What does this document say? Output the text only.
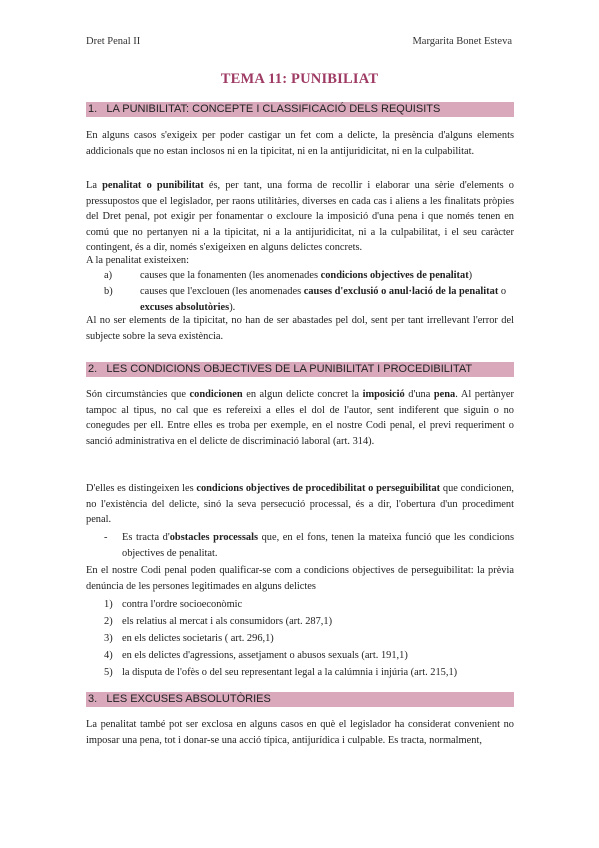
Dret Penal II	Margarita Bonet Esteva
TEMA 11: PUNIBILIAT
1. LA PUNIBILITAT: CONCEPTE I CLASSIFICACIÓ DELS REQUISITS
En alguns casos s'exigeix per poder castigar un fet com a delicte, la presència d'alguns elements addicionals que no estan inclosos ni en la tipicitat, ni en la antijuridicitat, ni en la culpabilitat.
La penalitat o punibilitat és, per tant, una forma de recollir i elaborar una sèrie d'elements o pressupostos que el legislador, per raons utilitàries, diverses en cada cas i aliens a les finalitats pròpies del Dret penal, pot exigir per fonamentar o excloure la imposició d'una pena i que només tenen en comú que no pertanyen ni a la tipicitat, ni a la antijuridicitat, ni a la culpabilitat, i el seu caràcter contingent, és a dir, només s'exigeixen en alguns delictes concrets.
A la penalitat existeixen:
a)	causes que la fonamenten (les anomenades condicions objectives de penalitat)
b)	causes que l'exclouen (les anomenades causes d'exclusió o anul·lació de la penalitat o excuses absolutòries).
Al no ser elements de la tipicitat, no han de ser abastades pel dol, sent per tant irrellevant l'error del subjecte sobre la seva existència.
2. LES CONDICIONS OBJECTIVES DE LA PUNIBILITAT I PROCEDIBILITAT
Són circumstàncies que condicionen en algun delicte concret la imposició d'una pena. Al pertànyer tampoc al tipus, no cal que es refereixi a elles el dol de l'autor, sent indiferent que siguin o no conegudes per ell. Entre elles es troba per exemple, en el nostre Codi penal, el previ requeriment o sanció administrativa en el delicte de discriminació laboral (art. 314).
D'elles es distingeixen les condicions objectives de procedibilitat o perseguibilitat que condicionen, no l'existència del delicte, sinó la seva persecució processal, és a dir, l'obertura d'un procediment penal.
- Es tracta d'obstacles processals que, en el fons, tenen la mateixa funció que les condicions objectives de penalitat.
En el nostre Codi penal poden qualificar-se com a condicions objectives de perseguibilitat: la prèvia denúncia de les persones legitimades en alguns delictes
1) contra l'ordre socioeconòmic
2) els relatius al mercat i als consumidors (art. 287,1)
3) en els delictes societaris ( art. 296,1)
4) en els delictes d'agressions, assetjament o abusos sexuals (art. 191,1)
5) la disputa de l'ofès o del seu representant legal a la calúmnia i injúria (art. 215,1)
3. LES EXCUSES ABSOLUTÒRIES
La penalitat també pot ser exclosa en alguns casos en què el legislador ha considerat convenient no imposar una pena, tot i donar-se una acció típica, antijurídica i culpable. Es tracta, normalment,
